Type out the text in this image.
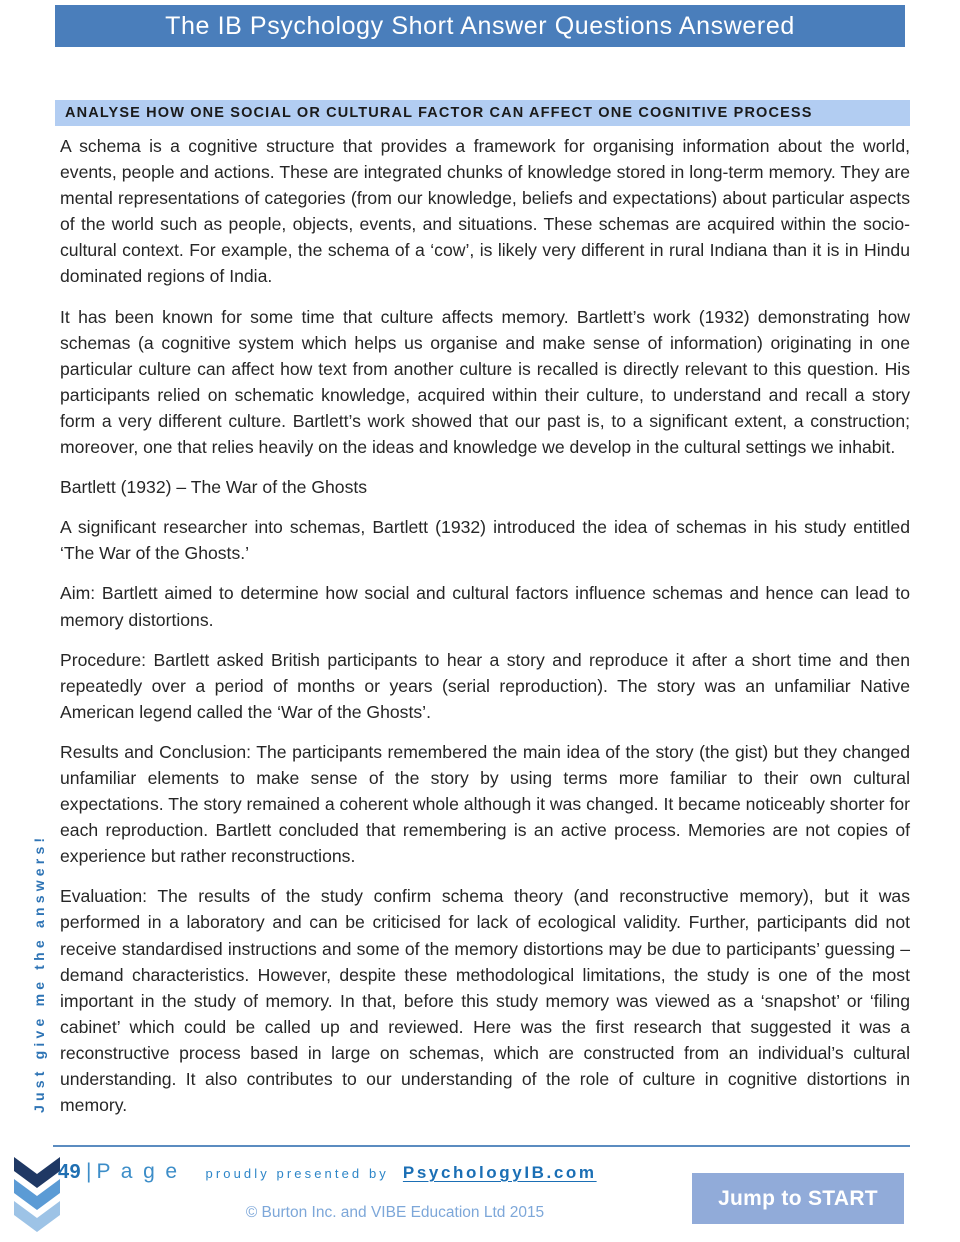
The IB Psychology Short Answer Questions Answered
ANALYSE HOW ONE SOCIAL OR CULTURAL FACTOR CAN AFFECT ONE COGNITIVE PROCESS

A schema is a cognitive structure that provides a framework for organising information about the world, events, people and actions. These are integrated chunks of knowledge stored in long-term memory. They are mental representations of categories (from our knowledge, beliefs and expectations) about particular aspects of the world such as people, objects, events, and situations. These schemas are acquired within the socio-cultural context. For example, the schema of a ‘cow’, is likely very different in rural Indiana than it is in Hindu dominated regions of India.

It has been known for some time that culture affects memory. Bartlett’s work (1932) demonstrating how schemas (a cognitive system which helps us organise and make sense of information) originating in one particular culture can affect how text from another culture is recalled is directly relevant to this question. His participants relied on schematic knowledge, acquired within their culture, to understand and recall a story form a very different culture. Bartlett’s work showed that our past is, to a significant extent, a construction; moreover, one that relies heavily on the ideas and knowledge we develop in the cultural settings we inhabit.

Bartlett (1932) – The War of the Ghosts

A significant researcher into schemas, Bartlett (1932) introduced the idea of schemas in his study entitled ‘The War of the Ghosts.’

Aim: Bartlett aimed to determine how social and cultural factors influence schemas and hence can lead to memory distortions.

Procedure: Bartlett asked British participants to hear a story and reproduce it after a short time and then repeatedly over a period of months or years (serial reproduction). The story was an unfamiliar Native American legend called the ‘War of the Ghosts’.

Results and Conclusion: The participants remembered the main idea of the story (the gist) but they changed unfamiliar elements to make sense of the story by using terms more familiar to their own cultural expectations. The story remained a coherent whole although it was changed. It became noticeably shorter for each reproduction. Bartlett concluded that remembering is an active process. Memories are not copies of experience but rather reconstructions.

Evaluation: The results of the study confirm schema theory (and reconstructive memory), but it was performed in a laboratory and can be criticised for lack of ecological validity. Further, participants did not receive standardised instructions and some of the memory distortions may be due to participants’ guessing – demand characteristics. However, despite these methodological limitations, the study is one of the most important in the study of memory. In that, before this study memory was viewed as a ‘snapshot’ or ‘filing cabinet’ which could be called up and reviewed. Here was the first research that suggested it was a reconstructive process based in large on schemas, which are constructed from an individual’s cultural understanding. It also contributes to our understanding of the role of culture in cognitive distortions in memory.

Just give me the answers!
49 | P a g e proudly presented by PsychologyIB.com
© Burton Inc. and VIBE Education Ltd 2015
Jump to START
